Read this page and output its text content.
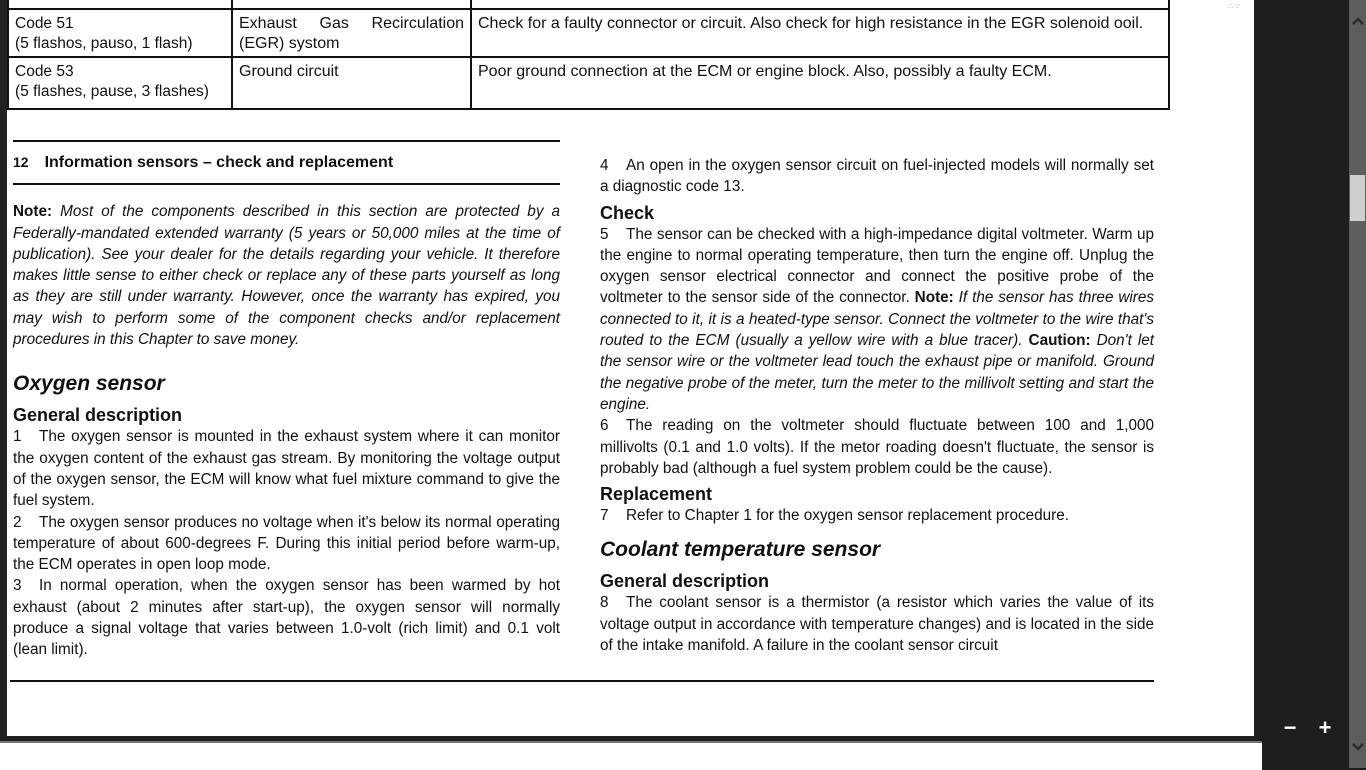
∴∵

Code 51
(5 flashos, pauso, 1 flash)	Exhaust Gas Recirculation (EGR) systom	Check for a faulty connector or circuit. Also check for high resistance in the EGR solenoid ooil.

Code 53
(5 flashes, pause, 3 flashes)	Ground circuit	Poor ground connection at the ECM or engine block. Also, possibly a faulty ECM.
12 Information sensors – check and replacement

Note: Most of the components described in this section are protected by a Federally-mandated extended warranty (5 years or 50,000 miles at the time of publication). See your dealer for the details regarding your vehicle. It therefore makes little sense to either check or replace any of these parts yourself as long as they are still under warranty. However, once the warranty has expired, you may wish to perform some of the component checks and/or replacement procedures in this Chapter to save money.

Oxygen sensor
General description

1 The oxygen sensor is mounted in the exhaust system where it can monitor the oxygen content of the exhaust gas stream. By monitoring the voltage output of the oxygen sensor, the ECM will know what fuel mixture command to give the fuel system.

2 The oxygen sensor produces no voltage when it's below its normal operating temperature of about 600-degrees F. During this initial period before warm-up, the ECM operates in open loop mode.

3 In normal operation, when the oxygen sensor has been warmed by hot exhaust (about 2 minutes after start-up), the oxygen sensor will normally produce a signal voltage that varies between 1.0-volt (rich limit) and 0.1 volt (lean limit).

4 An open in the oxygen sensor circuit on fuel-injected models will normally set a diagnostic code 13.

Check

5 The sensor can be checked with a high-impedance digital voltmeter. Warm up the engine to normal operating temperature, then turn the engine off. Unplug the oxygen sensor electrical connector and connect the positive probe of the voltmeter to the sensor side of the connector. Note: If the sensor has three wires connected to it, it is a heated-type sensor. Connect the voltmeter to the wire that's routed to the ECM (usually a yellow wire with a blue tracer). Caution: Don't let the sensor wire or the voltmeter lead touch the exhaust pipe or manifold. Ground the negative probe of the meter, turn the meter to the millivolt setting and start the engine.

6 The reading on the voltmeter should fluctuate between 100 and 1,000 millivolts (0.1 and 1.0 volts). If the metor roading doesn't fluctuate, the sensor is probably bad (although a fuel system problem could be the cause).

Replacement

7 Refer to Chapter 1 for the oxygen sensor replacement procedure.

Coolant temperature sensor
General description

8 The coolant sensor is a thermistor (a resistor which varies the value of its voltage output in accordance with temperature changes) and is located in the side of the intake manifold. A failure in the coolant sensor circuit

− +
